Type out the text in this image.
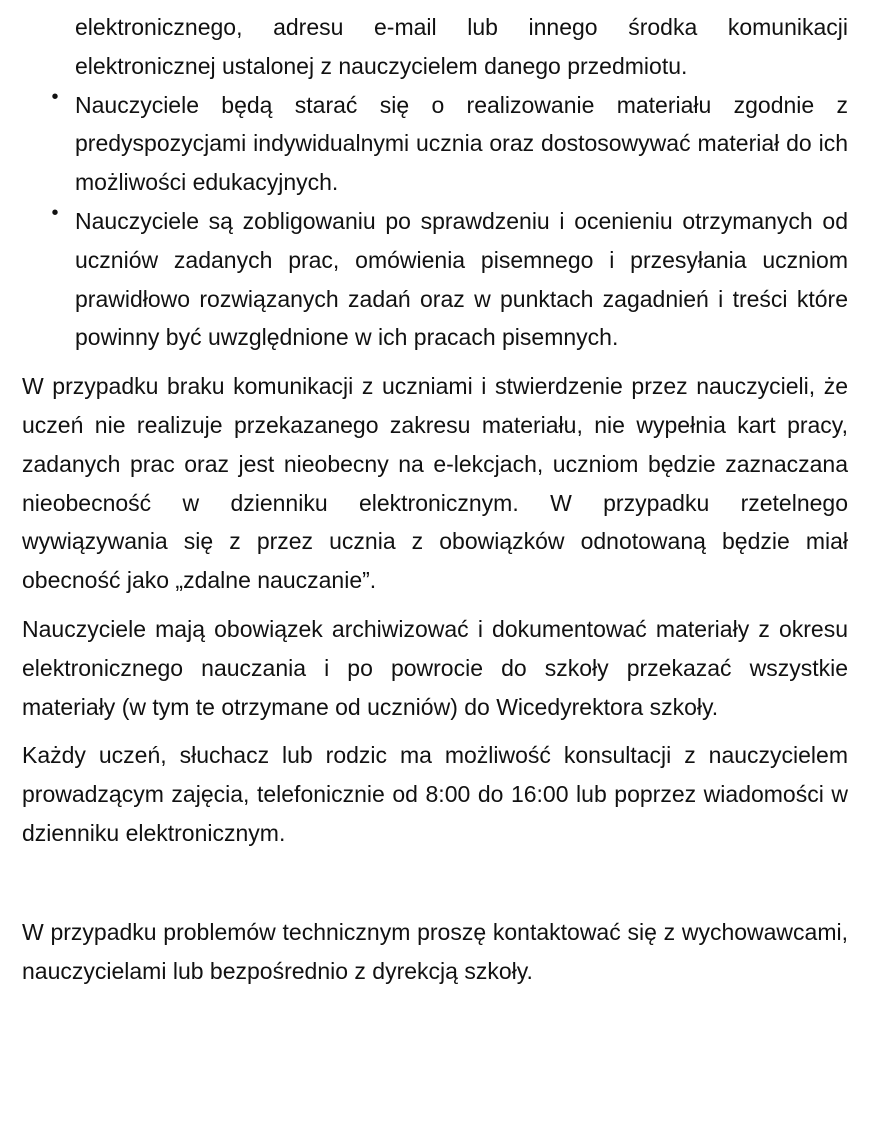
elektronicznego, adresu e-mail lub innego środka komunikacji elektronicznej ustalonej z nauczycielem danego przedmiotu.

• Nauczyciele będą starać się o realizowanie materiału zgodnie z predyspozycjami indywidualnymi ucznia oraz dostosowywać materiał do ich możliwości edukacyjnych.

• Nauczyciele są zobligowaniu po sprawdzeniu i ocenieniu otrzymanych od uczniów zadanych prac, omówienia pisemnego i przesyłania uczniom prawidłowo rozwiązanych zadań oraz w punktach zagadnień i treści które powinny być uwzględnione w ich pracach pisemnych.

W przypadku braku komunikacji z uczniami i stwierdzenie przez nauczycieli, że uczeń nie realizuje przekazanego zakresu materiału, nie wypełnia kart pracy, zadanych prac oraz jest nieobecny na e-lekcjach, uczniom będzie zaznaczana nieobecność w dzienniku elektronicznym. W przypadku rzetelnego wywiązywania się z przez ucznia z obowiązków odnotowaną będzie miał obecność jako „zdalne nauczanie”.

Nauczyciele mają obowiązek archiwizować i dokumentować materiały z okresu elektronicznego nauczania i po powrocie do szkoły przekazać wszystkie materiały (w tym te otrzymane od uczniów) do Wicedyrektora szkoły.

Każdy uczeń, słuchacz lub rodzic ma możliwość konsultacji z nauczycielem prowadzącym zajęcia, telefonicznie od 8:00 do 16:00 lub poprzez wiadomości w dzienniku elektronicznym.

W przypadku problemów technicznym proszę kontaktować się z wychowawcami, nauczycielami lub bezpośrednio z dyrekcją szkoły.
